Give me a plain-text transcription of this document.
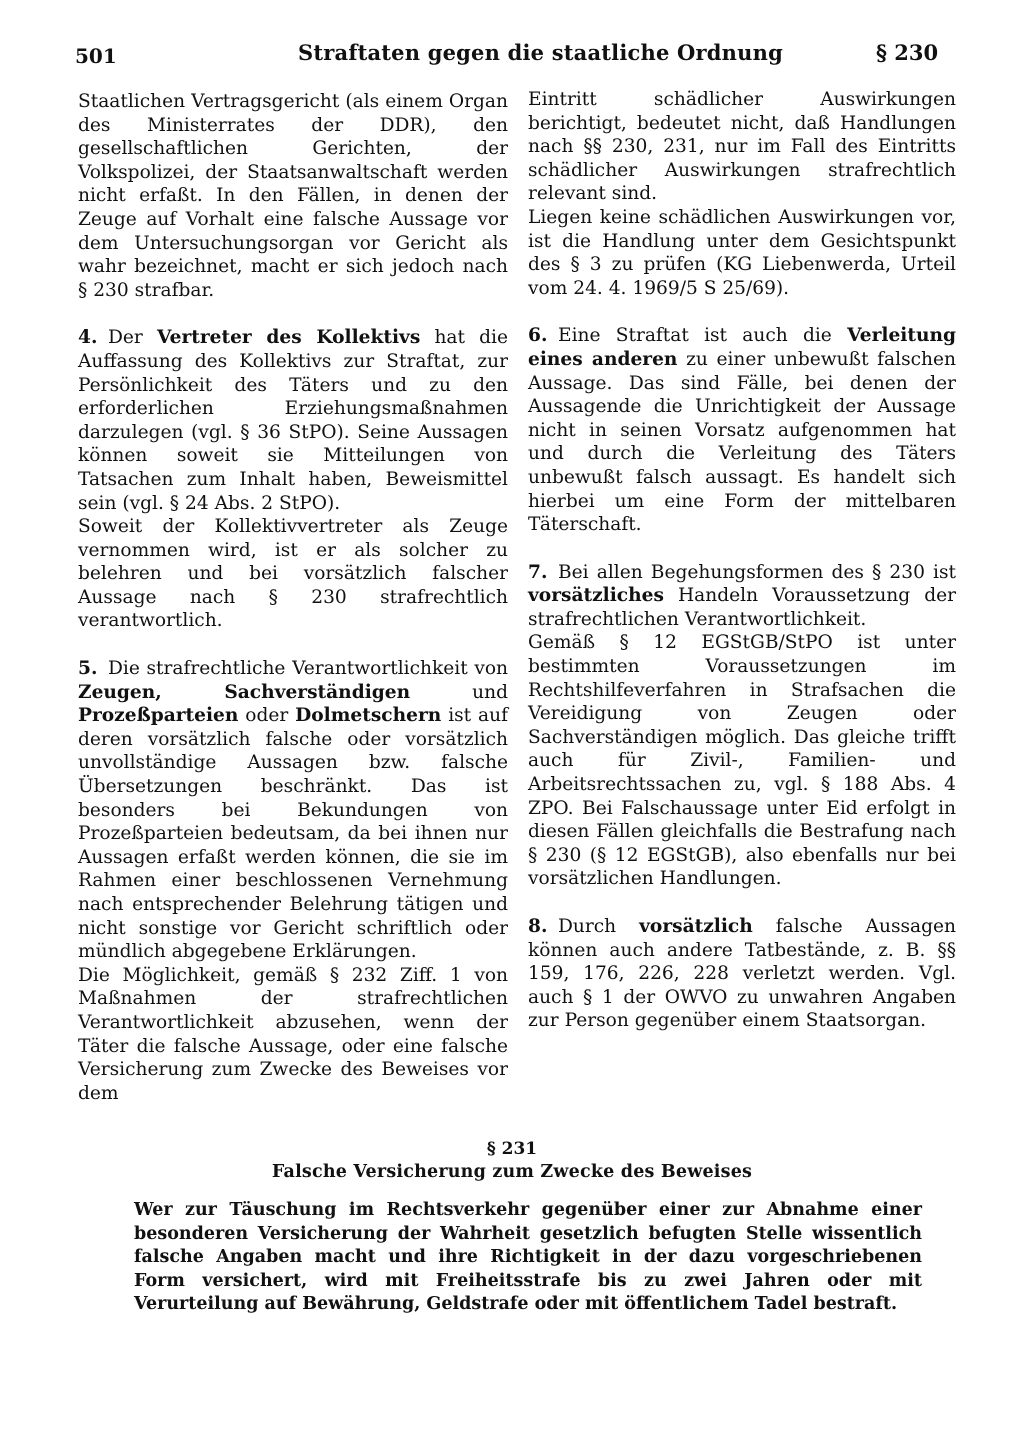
501	Straftaten gegen die staatliche Ordnung	§ 230

Staatlichen Vertragsgericht (als einem Organ des Ministerrates der DDR), den gesellschaftlichen Gerichten, der Volkspolizei, der Staatsanwaltschaft werden nicht erfaßt. In den Fällen, in denen der Zeuge auf Vorhalt eine falsche Aussage vor dem Untersuchungsorgan vor Gericht als wahr bezeichnet, macht er sich jedoch nach § 230 strafbar.

4. Der Vertreter des Kollektivs hat die Auffassung des Kollektivs zur Straftat, zur Persönlichkeit des Täters und zu den erforderlichen Erziehungsmaßnahmen darzulegen (vgl. § 36 StPO). Seine Aussagen können soweit sie Mitteilungen von Tatsachen zum Inhalt haben, Beweismittel sein (vgl. § 24 Abs. 2 StPO).

Soweit der Kollektivvertreter als Zeuge vernommen wird, ist er als solcher zu belehren und bei vorsätzlich falscher Aussage nach § 230 strafrechtlich verantwortlich.

5. Die strafrechtliche Verantwortlichkeit von Zeugen, Sachverständigen und Prozeßparteien oder Dolmetschern ist auf deren vorsätzlich falsche oder vorsätzlich unvollständige Aussagen bzw. falsche Übersetzungen beschränkt. Das ist besonders bei Bekundungen von Prozeßparteien bedeutsam, da bei ihnen nur Aussagen erfaßt werden können, die sie im Rahmen einer beschlossenen Vernehmung nach entsprechender Belehrung tätigen und nicht sonstige vor Gericht schriftlich oder mündlich abgegebene Erklärungen.

Die Möglichkeit, gemäß § 232 Ziff. 1 von Maßnahmen der strafrechtlichen Verantwortlichkeit abzusehen, wenn der Täter die falsche Aussage, oder eine falsche Versicherung zum Zwecke des Beweises vor dem

Eintritt schädlicher Auswirkungen berichtigt, bedeutet nicht, daß Handlungen nach §§ 230, 231, nur im Fall des Eintritts schädlicher Auswirkungen strafrechtlich relevant sind.

Liegen keine schädlichen Auswirkungen vor, ist die Handlung unter dem Gesichtspunkt des § 3 zu prüfen (KG Liebenwerda, Urteil vom 24. 4. 1969/5 S 25/69).

6. Eine Straftat ist auch die Verleitung eines anderen zu einer unbewußt falschen Aussage. Das sind Fälle, bei denen der Aussagende die Unrichtigkeit der Aussage nicht in seinen Vorsatz aufgenommen hat und durch die Verleitung des Täters unbewußt falsch aussagt. Es handelt sich hierbei um eine Form der mittelbaren Täterschaft.

7. Bei allen Begehungsformen des § 230 ist vorsätzliches Handeln Voraussetzung der strafrechtlichen Verantwortlichkeit.

Gemäß § 12 EGStGB/StPO ist unter bestimmten Voraussetzungen im Rechtshilfeverfahren in Strafsachen die Vereidigung von Zeugen oder Sachverständigen möglich. Das gleiche trifft auch für Zivil-, Familien- und Arbeitsrechtssachen zu, vgl. § 188 Abs. 4 ZPO. Bei Falschaussage unter Eid erfolgt in diesen Fällen gleichfalls die Bestrafung nach § 230 (§ 12 EGStGB), also ebenfalls nur bei vorsätzlichen Handlungen.

8. Durch vorsätzlich falsche Aussagen können auch andere Tatbestände, z. B. §§ 159, 176, 226, 228 verletzt werden. Vgl. auch § 1 der OWVO zu unwahren Angaben zur Person gegenüber einem Staatsorgan.

§ 231
Falsche Versicherung zum Zwecke des Beweises
Wer zur Täuschung im Rechtsverkehr gegenüber einer zur Abnahme einer besonderen Versicherung der Wahrheit gesetzlich befugten Stelle wissentlich falsche Angaben macht und ihre Richtigkeit in der dazu vorgeschriebenen Form versichert, wird mit Freiheitsstrafe bis zu zwei Jahren oder mit Verurteilung auf Bewährung, Geldstrafe oder mit öffentlichem Tadel bestraft.
